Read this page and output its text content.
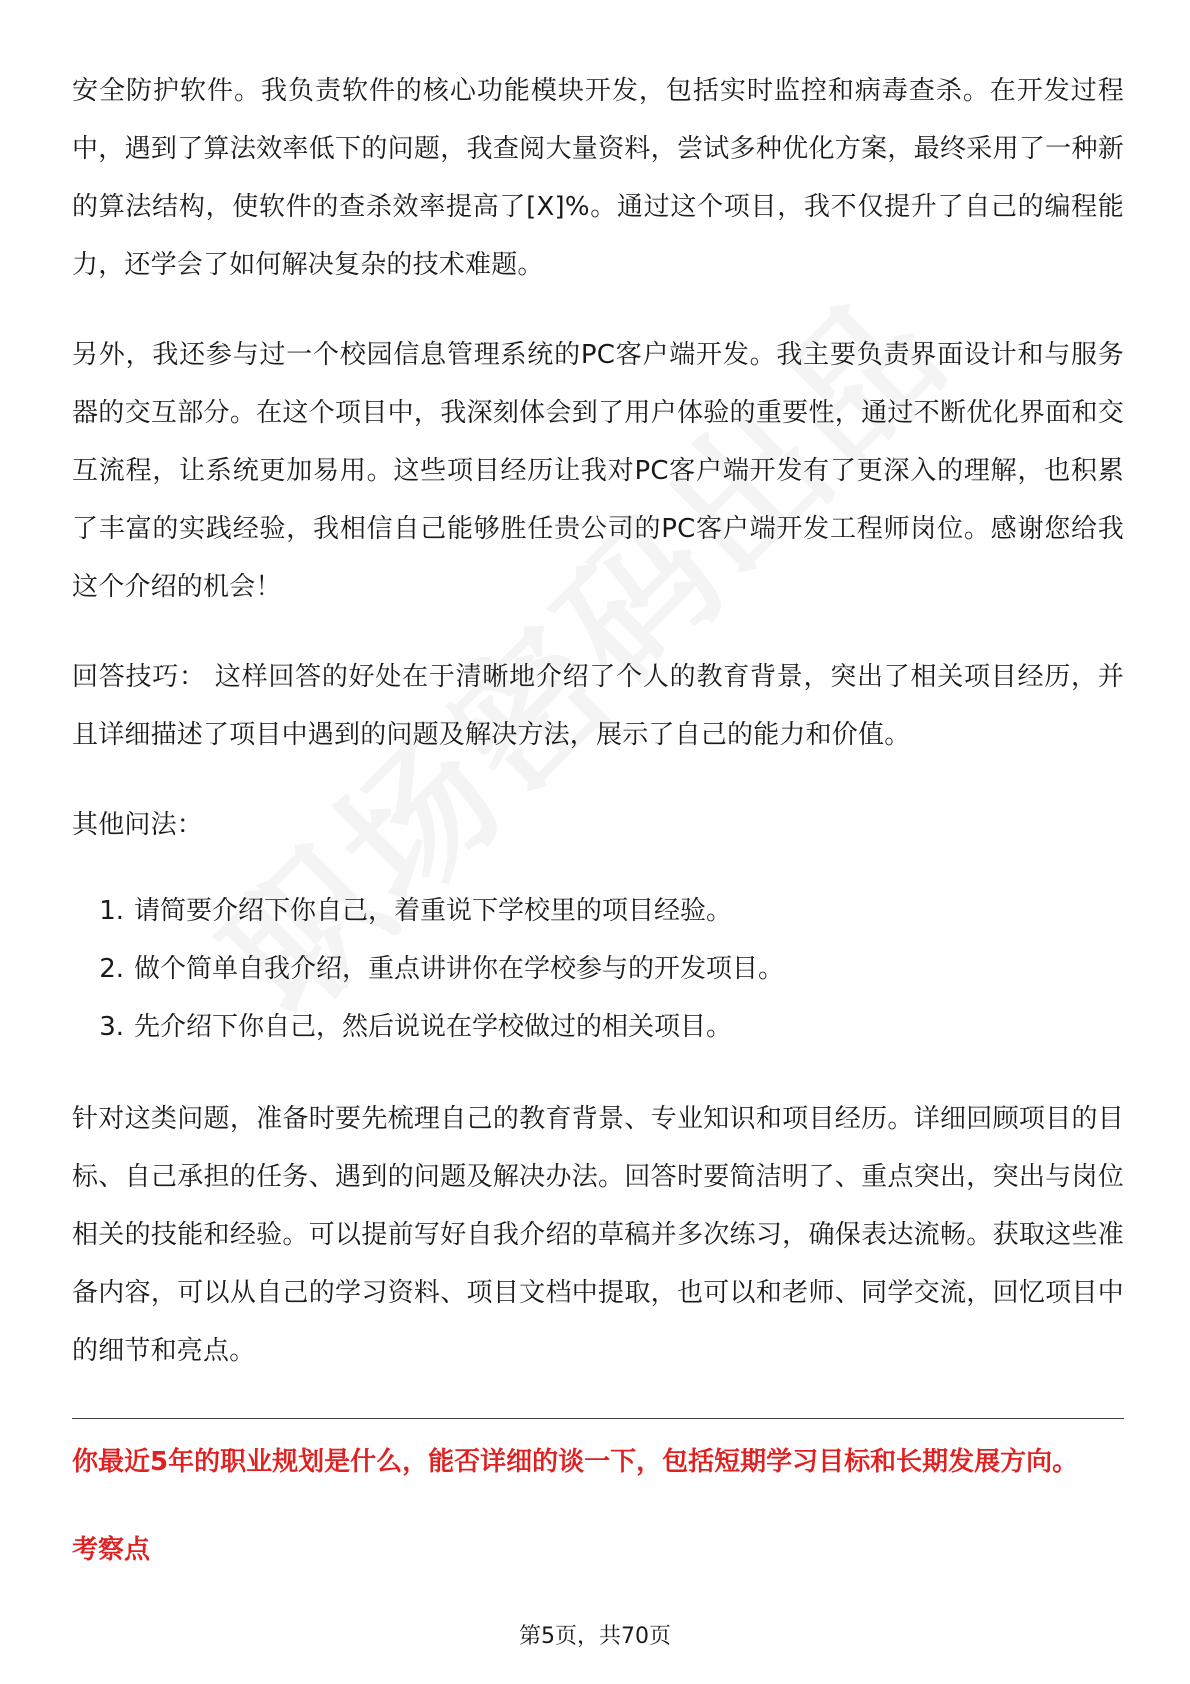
安全防护软件。我负责软件的核心功能模块开发，包括实时监控和病毒查杀。在开发过程中，遇到了算法效率低下的问题，我查阅大量资料，尝试多种优化方案，最终采用了一种新的算法结构，使软件的查杀效率提高了[X]%。通过这个项目，我不仅提升了自己的编程能力，还学会了如何解决复杂的技术难题。

另外，我还参与过一个校园信息管理系统的PC客户端开发。我主要负责界面设计和与服务器的交互部分。在这个项目中，我深刻体会到了用户体验的重要性，通过不断优化界面和交互流程，让系统更加易用。这些项目经历让我对PC客户端开发有了更深入的理解，也积累了丰富的实践经验，我相信自己能够胜任贵公司的PC客户端开发工程师岗位。感谢您给我这个介绍的机会！

回答技巧： 这样回答的好处在于清晰地介绍了个人的教育背景，突出了相关项目经历，并且详细描述了项目中遇到的问题及解决方法，展示了自己的能力和价值。

其他问法：

1. 请简要介绍下你自己，着重说下学校里的项目经验。
2. 做个简单自我介绍，重点讲讲你在学校参与的开发项目。
3. 先介绍下你自己，然后说说在学校做过的相关项目。

针对这类问题，准备时要先梳理自己的教育背景、专业知识和项目经历。详细回顾项目的目标、自己承担的任务、遇到的问题及解决办法。回答时要简洁明了、重点突出，突出与岗位相关的技能和经验。可以提前写好自我介绍的草稿并多次练习，确保表达流畅。获取这些准备内容，可以从自己的学习资料、项目文档中提取，也可以和老师、同学交流，回忆项目中的细节和亮点。

你最近5年的职业规划是什么，能否详细的谈一下，包括短期学习目标和长期发展方向。
考察点
第5页，共70页
